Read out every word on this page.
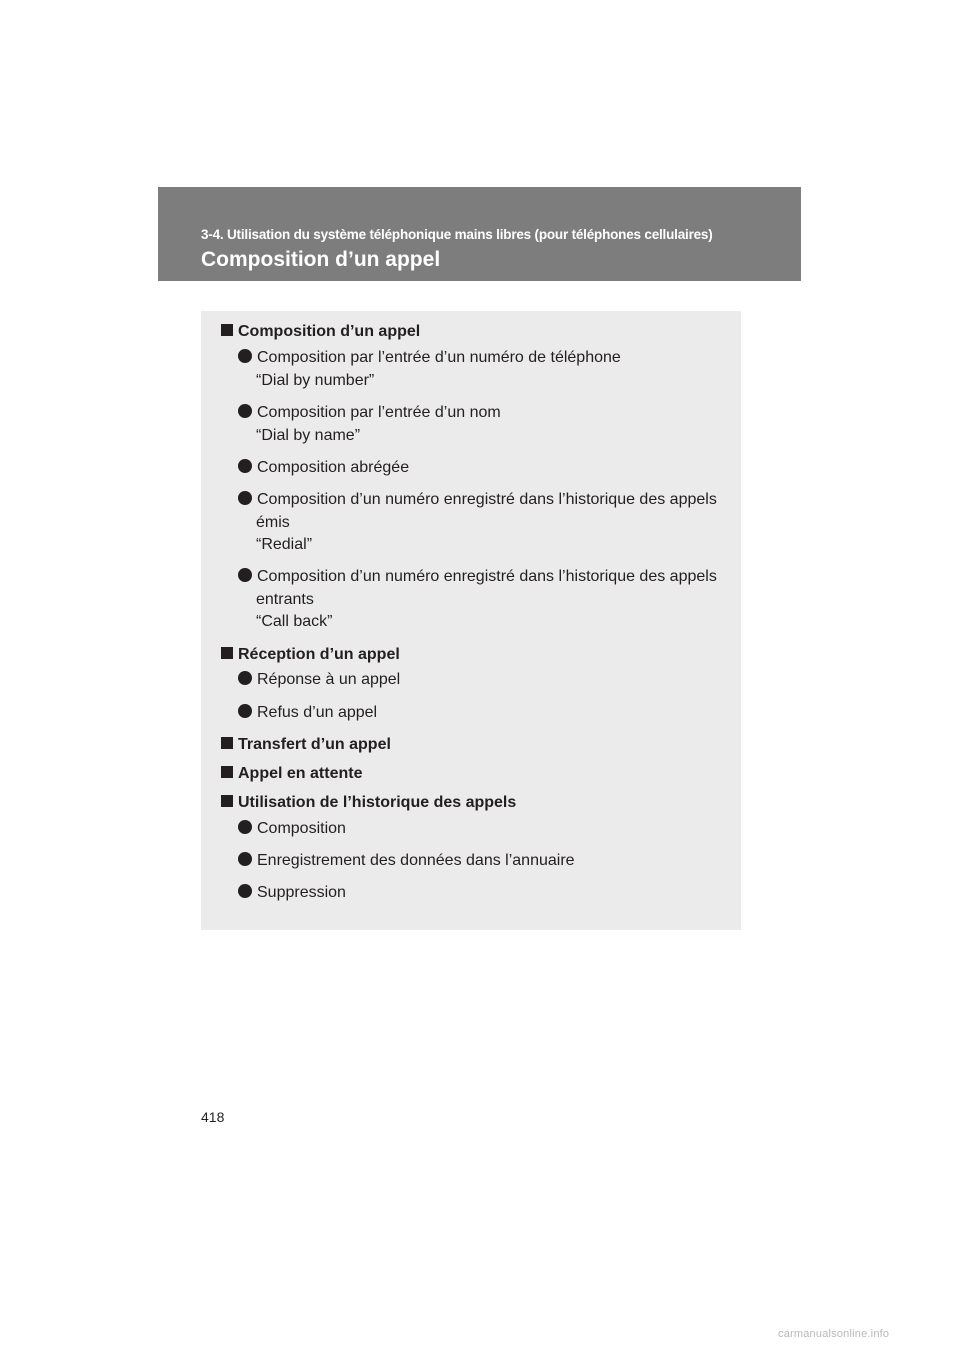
3-4. Utilisation du système téléphonique mains libres (pour téléphones cellulaires)
Composition d’un appel
Composition d’un appel
Composition par l’entrée d’un numéro de téléphone
“Dial by number”
Composition par l’entrée d’un nom
“Dial by name”
Composition abrégée
Composition d’un numéro enregistré dans l’historique des appels
émis
“Redial”
Composition d’un numéro enregistré dans l’historique des appels
entrants
“Call back”
Réception d’un appel
Réponse à un appel
Refus d’un appel
Transfert d’un appel
Appel en attente
Utilisation de l’historique des appels
Composition
Enregistrement des données dans l’annuaire
Suppression
418
carmanualsonline.info
